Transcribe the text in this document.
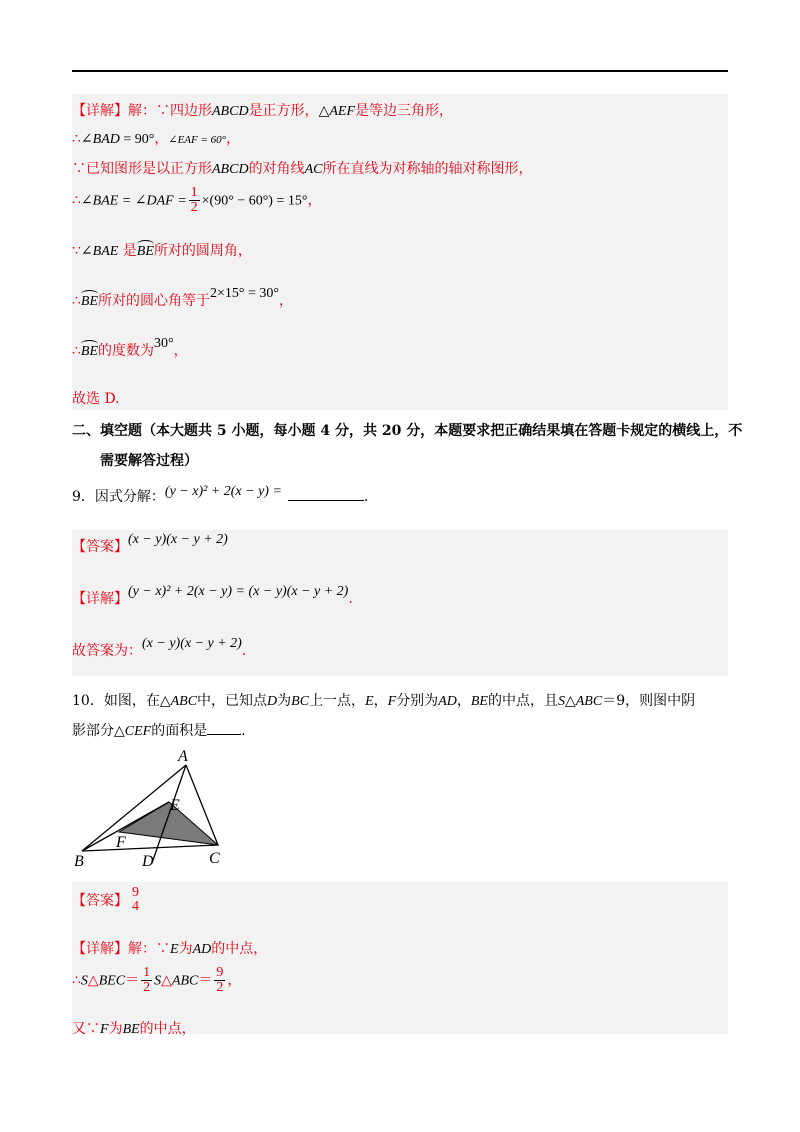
【详解】解：∵四边形ABCD是正方形，△AEF是等边三角形，
∴∠BAD = 90°，∠EAF = 60°，
∵已知图形是以正方形ABCD的对角线AC所在直线为对称轴的轴对称图形，
∴∠BAE = ∠DAF = $\frac{1}{2} \times(90^\circ - 60^\circ) = 15^\circ$，
∵∠BAE 是BE所对的圆周角，
∴BE所对的圆心角等于2×15° = 30°，
∴BE的度数为30°，
故选 D.
二、填空题（本大题共 5 小题，每小题 4 分，共 20 分，本题要求把正确结果填在答题卡规定的横线上，不
需要解答过程）
9．因式分解：(y − x)² + 2(x − y) =	.
【答案】(x − y)(x − y + 2)
【详解】(y − x)² + 2(x − y) = (x − y)(x − y + 2).
故答案为：(x − y)(x − y + 2).
10．如图，在△ABC中，已知点D为BC上一点，E，F分别为AD，BE的中点，且S△ABC＝9，则图中阴
影部分△CEF的面积是 .
A
B	C
D
E
F
【答案】
9
4
【详解】解：∵E为AD的中点，
∴S△BEC＝ $\frac{1}{2}$ S△ABC＝ $\frac{9}{2}$ ，
又∵F为BE的中点，
